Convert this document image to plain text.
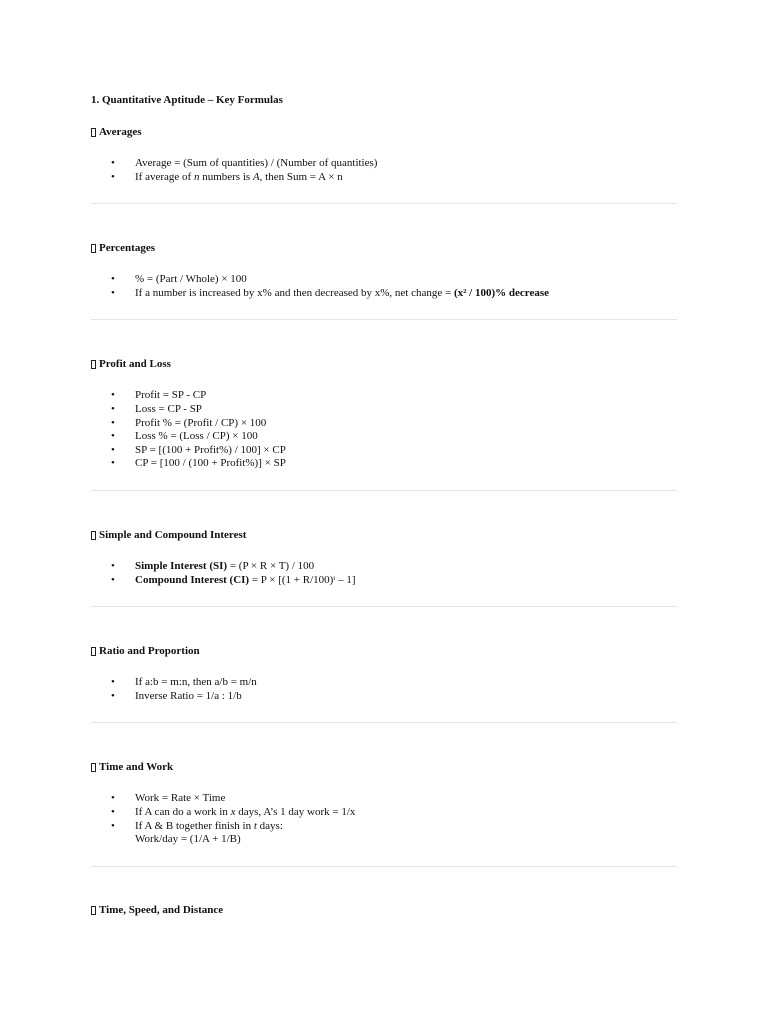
1. Quantitative Aptitude – Key Formulas
Averages
• Average = (Sum of quantities) / (Number of quantities)
• If average of n numbers is A, then Sum = A × n
Percentages
• % = (Part / Whole) × 100
• If a number is increased by x% and then decreased by x%, net change = (x² / 100)% decrease
Profit and Loss
• Profit = SP - CP
• Loss = CP - SP
• Profit % = (Profit / CP) × 100
• Loss % = (Loss / CP) × 100
• SP = [(100 + Profit%) / 100] × CP
• CP = [100 / (100 + Profit%)] × SP
Simple and Compound Interest
• Simple Interest (SI) = (P × R × T) / 100
• Compound Interest (CI) = P × [(1 + R/100)ᵗ – 1]
Ratio and Proportion
• If a:b = m:n, then a/b = m/n
• Inverse Ratio = 1/a : 1/b
Time and Work
• Work = Rate × Time
• If A can do a work in x days, A’s 1 day work = 1/x
• If A & B together finish in t days:
Work/day = (1/A + 1/B)
Time, Speed, and Distance
